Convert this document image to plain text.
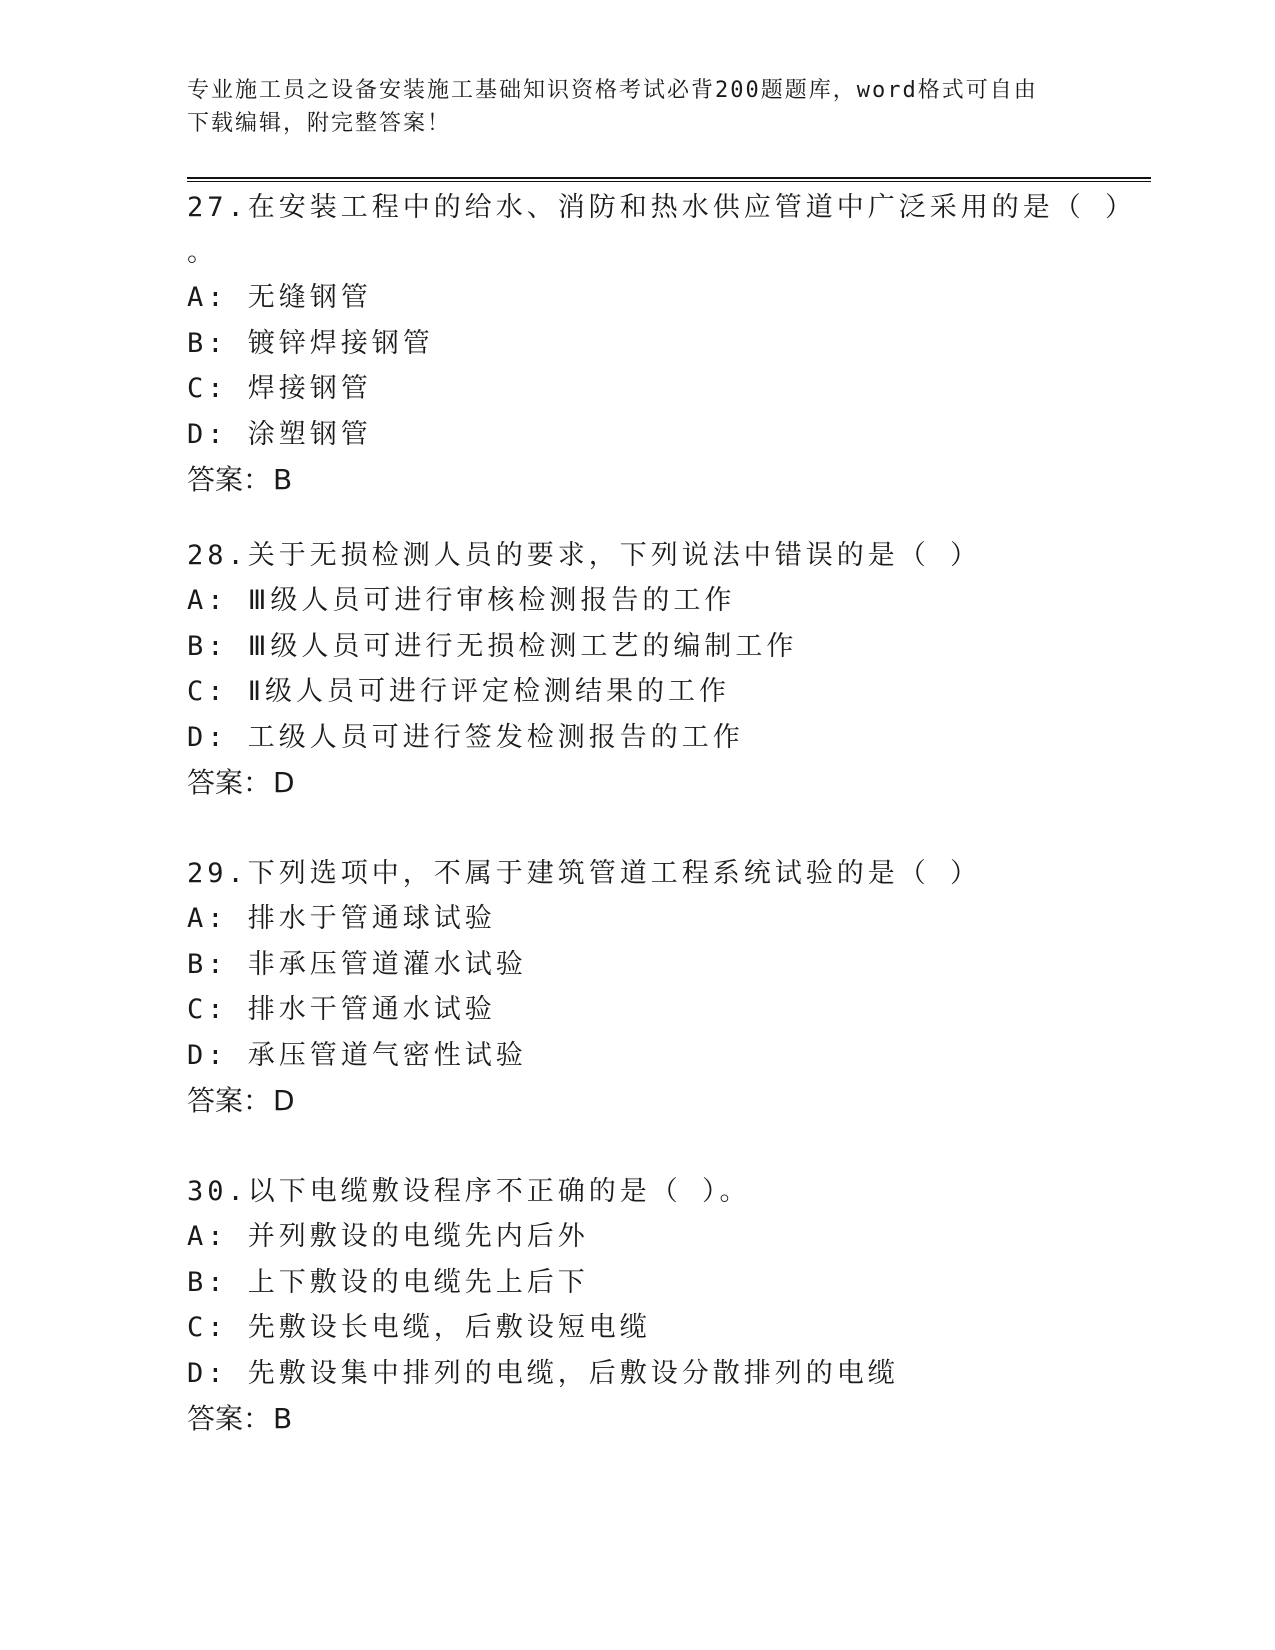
专业施工员之设备安装施工基础知识资格考试必背200题题库，word格式可自由
下载编辑，附完整答案！
27.在安装工程中的给水、消防和热水供应管道中广泛采用的是（ ）
。
A: 无缝钢管
B: 镀锌焊接钢管
C: 焊接钢管
D: 涂塑钢管
答案：B
28.关于无损检测人员的要求，下列说法中错误的是（ ）
A: Ⅲ级人员可进行审核检测报告的工作
B: Ⅲ级人员可进行无损检测工艺的编制工作
C: Ⅱ级人员可进行评定检测结果的工作
D: 工级人员可进行签发检测报告的工作
答案：D
29.下列选项中，不属于建筑管道工程系统试验的是（ ）
A: 排水于管通球试验
B: 非承压管道灌水试验
C: 排水干管通水试验
D: 承压管道气密性试验
答案：D
30.以下电缆敷设程序不正确的是（ ）。
A: 并列敷设的电缆先内后外
B: 上下敷设的电缆先上后下
C: 先敷设长电缆，后敷设短电缆
D: 先敷设集中排列的电缆，后敷设分散排列的电缆
答案：B
